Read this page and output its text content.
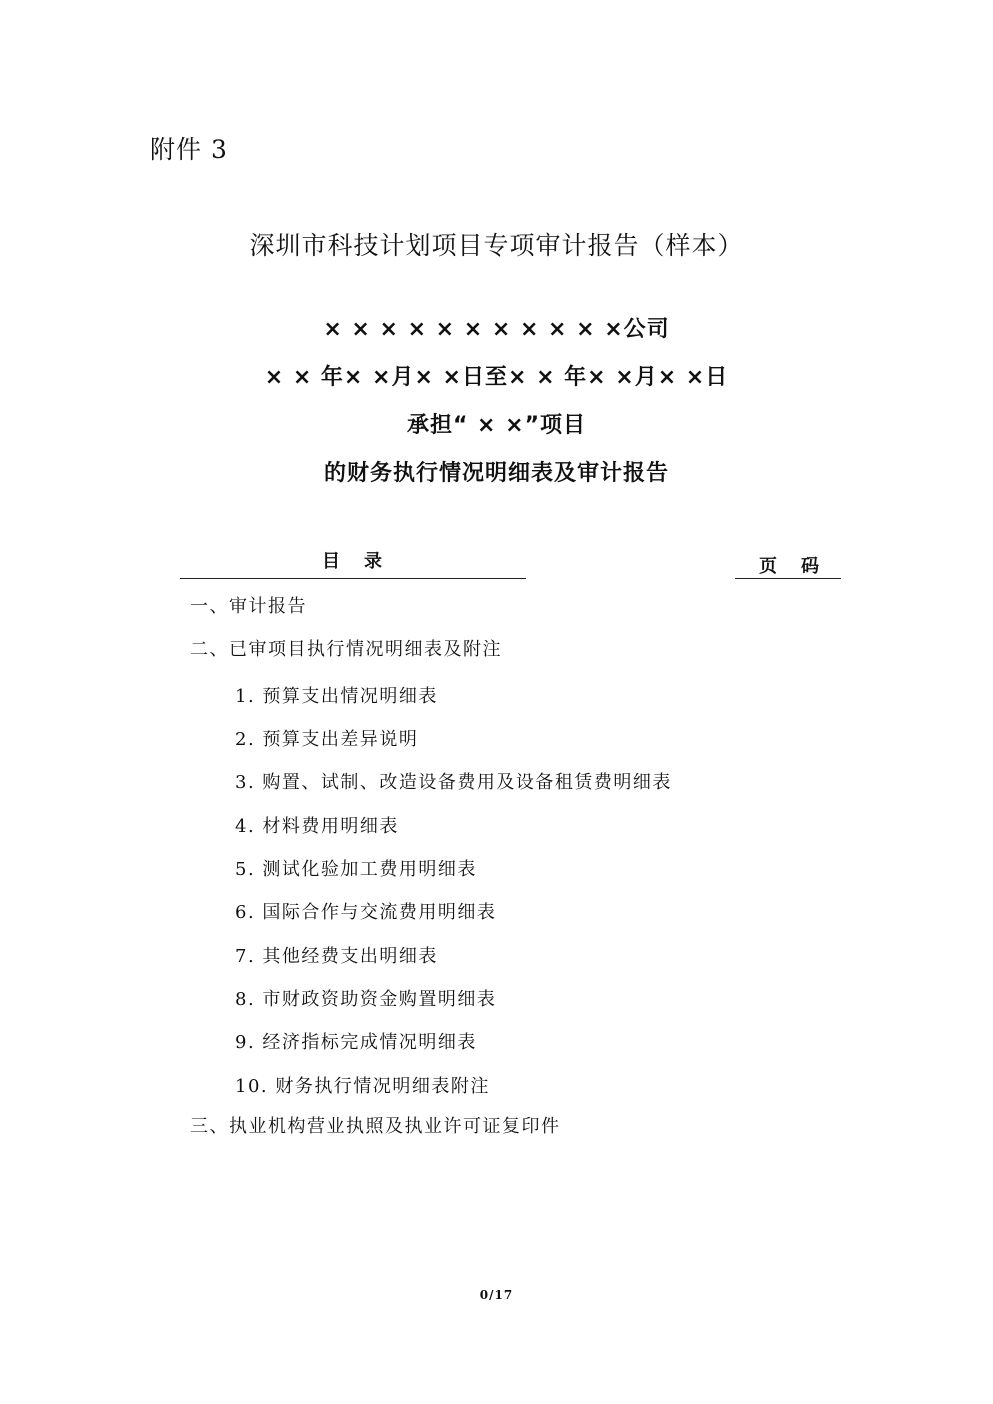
附件 3
深圳市科技计划项目专项审计报告（样本）
× × × × × × × × × × ×公司
× × 年× ×月× ×日至× × 年× ×月× ×日
承担“ × ×”项目
的财务执行情况明细表及审计报告
目录	页码
一、审计报告
二、已审项目执行情况明细表及附注
1. 预算支出情况明细表
2. 预算支出差异说明
3. 购置、试制、改造设备费用及设备租赁费明细表
4. 材料费用明细表
5. 测试化验加工费用明细表
6. 国际合作与交流费用明细表
7. 其他经费支出明细表
8. 市财政资助资金购置明细表
9. 经济指标完成情况明细表
10. 财务执行情况明细表附注
三、执业机构营业执照及执业许可证复印件
0/17
